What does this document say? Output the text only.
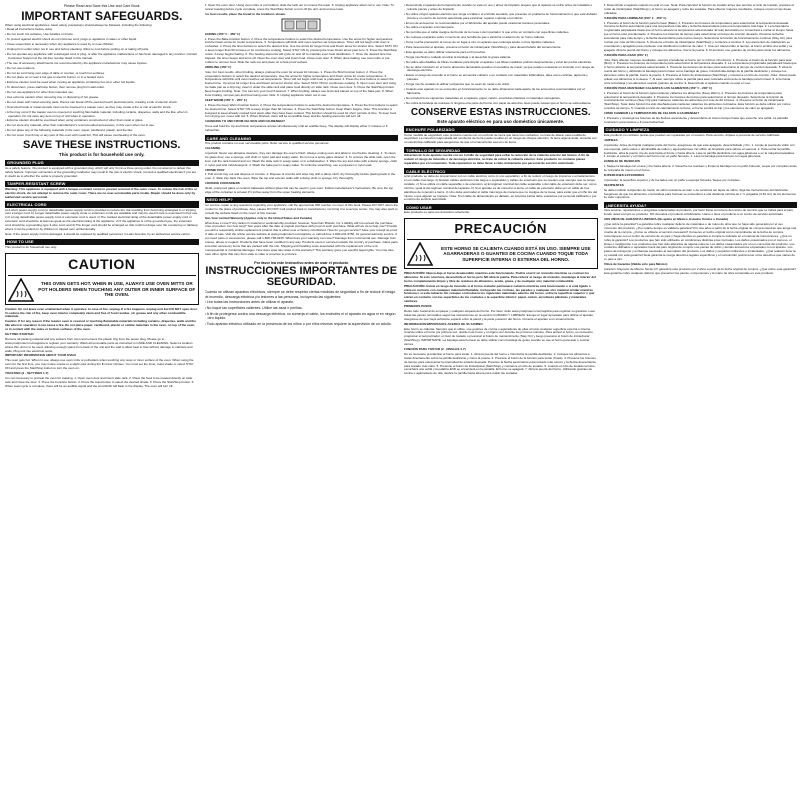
Please Read and Save this Use and Care Book

IMPORTANT SAFEGUARDS.

When using electrical appliances, basic safety precautions should always be followed, including the following:

• Read all instructions before using.

• Do not touch hot surfaces. Use handles or knobs.

• To protect against electric shock do not immerse cord, plugs or appliance in water or other liquid.

• Close supervision is necessary when any appliance is used by or near children.

• Unplug from outlet when not in use and before cleaning. Allow to cool before putting on or taking off parts.

• Do not operate any appliance with a damaged cord or plug, or after the appliance malfunctions or has been damaged in any manner. Contact Consumer Support at the toll-free number listed in this manual.

• The use of accessory attachments not recommended by the appliance manufacturer may cause injuries.

• Do not use outdoors.

• Do not let cord hang over edge of table or counter, or touch hot surfaces.

• Do not place on or near a hot gas or electric burner, or in a heated oven.

• Extreme caution must be used when moving an appliance containing hot oil or other hot liquids.

• To disconnect, press start/stop button, then remove plug from wall outlet.

• Do not use appliance for other than intended use.

• Use extreme caution when removing tray or disposing of hot grease.

• Do not clean with metal scouring pads. Pieces can break off the pad and touch electrical parts, creating a risk of electric shock.

• Oversized foods or metal utensils must not be inserted in a toaster oven, as they may create a fire or risk of electric shock.

• A fire may occur if the toaster oven is covered or touching flammable material, including curtains, draperies, walls and the like, when in operation. Do not store any item on top of unit when in operation.

• Extreme caution should be exercised when using containers constructed of other than metal or glass.

• Do not store any material, other than manufacturer's recommended accessories, in this oven when not in use.

• Do not place any of the following materials in the oven: paper, cardboard, plastic, and the like.

• Do not cover crumb tray or any part of this oven with metal foil. This will cause overheating of the oven.

SAVE THESE INSTRUCTIONS.

This product is for household use only.

GROUNDED PLUG

As a safety feature, this product is equipped with a grounded plug, which will only fit into a three-prong outlet. Do not attempt to defeat this safety feature. Improper connection of the grounding conductor may result in the risk of electric shock. Consult a qualified electrician if you are in doubt as to whether the outlet is properly grounded.

TAMPER-RESISTANT SCREW

Warning: This appliance is equipped with a tamper-resistant screw to prevent removal of the outer cover. To reduce the risk of fire or electric shock, do not attempt to remove the outer cover. There are no user-serviceable parts inside. Repair should be done only by authorized service personnel.

ELECTRICAL CORD

a) A short power-supply cord (or detachable power-supply cord) is provided to reduce the risk resulting from becoming entangled in or tripping over a longer cord. b) Longer detachable power-supply cords or extension cords are available and may be used if care is exercised in their use. c) If a long detachable power-supply cord or extension cord is used: 1) The marked electrical rating of the detachable power-supply cord or extension cord should be at least as great as the electrical rating of the appliance; 2) If the appliance is of the grounded type, the extension cord should be a grounding-type 3-wire cord; and 3) The longer cord should be arranged so that it will not drape over the countertop or tabletop where it can be pulled on by children or tripped over unintentionally.

Note: If the power supply cord is damaged, it should be replaced by qualified personnel; in Latin America, by an authorized service center.

HOW TO USE

This product is for household use only.

CAUTION
THIS OVEN GETS HOT. WHEN IN USE, ALWAYS USE OVEN MITTS OR POT HOLDERS WHEN TOUCHING ANY OUTER OR INNER SURFACE OF THE OVEN.

Caution: Do not leave oven unattended when it operates. In case of fire, unplug. If a fire happens, unplug unit but DO NOT open door. To reduce the risk of fire, keep oven interior completely clean and free of food residue, oil, grease and any other combustible materials.

Caution: If for any reason if the toaster oven is covered or touching flammable materials including curtains, draperies, walls and the like when in operation it can cause a fire. Do not place paper, cardboard, plastic or similar materials in the oven, on top of the oven, or in contact with the sides or bottom surfaces of the oven.

GETTING STARTED

Remove all packing material and any stickers from oven and remove the plastic ring from the power plug. Please go to www.prodprotect.com/applica to register your warranty. Wash all removable parts as instructed in CARE AND CLEANING. Select a location where this unit is to be used, allowing enough space from back of the unit and the wall to allow heat to flow without damage to cabinets and walls. Plug unit into electrical outlet.

IMPORTANT INFORMATION ABOUT YOUR OVEN

This oven gets hot. When in use, always use oven mitts or potholders when touching any outer or inner surface of the oven. When using the oven for the first time, you may notice smoke or a slight odor during the first few minutes. You must set the timer, toast shade or select STAY ON and press the Start/Stop button to turn the oven on.

TOASTING (2 - SETTINGS 1-7)

It is not necessary to preheat the oven for toasting. 1. Open oven door and insert slide rack. 2. Place the food to be toasted directly on slide rack and close the door. 3. Press the Function button. 4. Press the toast button to select the desired shade. 5. Press the Start/Stop button. 6. When toast cycle is complete, there will be an audible signal and the word END will flash in the display. The oven will turn off.

5. Open the oven door. Using oven mitts or pot holders, slide the rack out to remove the toast. 6. Unplug appliance when not in use. Note: To cancel toasting before cycle complete, press the Start/Stop button to turn off the unit, and remove toast.

For best results, place the bread in the locations shown.

BAKING (150° F - 450° F)

1. Press the Bake function button. 2. Press the temperature buttons to select the desired temperature. Use the arrow for higher temperature and the Down arrow for cooler temperature. 3. Temperature will blink until oven reaches set temperature. Timer will not begin until oven is preheated. 4. Press the time buttons to select the desired time. Use the arrow for longer time and Down arrow for shorter time. Select STAY ON to keep longer than 60 minutes or for continuous cooking. Select STAY ON by pressing the timer Down arrow past zero. 5. Press the Start/Stop button. A beep begins baking. 6. The heating elements will cycle on and off to maintain even heat distribution. 7. Once the desired time has elapsed, the timer beeps and turns off. Open the oven door and insert food. Close oven door. 8. When done baking, use oven mitts or pot holders to remove food. Slide the rack out and place on a heat proof surface.

BROILING (450° F)

Note: For best results, when broiling, always preheat the oven for at least 10 minutes. 1. Press the Broil function button. 2. Press the temperature buttons to select the desired temperature. Use the arrow for higher temperature and Down arrow for cooler temperature. 3. Temperature will blink until oven reaches set temperature. Timer will not begin until oven is preheated. 4. Press the time buttons to select the desired time. Up arrow for longer time and Down arrow for shorter time. Select STAY ON for continuous cooking. 5. Open oven door and using the bake pan as a drip tray, insert it under the slide rack and place food directly on slide rack. Close oven door. 6. Press the Start/Stop button. Beep begins broiling. Note: You can turn your food if desired. 7. When broiling, always use broil rack placed on top of the bake pan. 8. When done broiling, remove pan and food using oven mitts. 9. Unplug appliance when not in use.

KEEP WARM (150° F - 200° F)

1. Press the Keep Warm function button. 2. Press the temperature buttons to select the desired temperature. 3. Press the time buttons to select the desired time. Select STAY ON to keep longer than 60 minutes. 4. Press the Start/Stop button. Keep Warm begins. Note: This function is designed to keep already cooked food warm after they have been cooked. This function should be used for short periods of time. To keep food from drying out, cover with foil. 5. When finished, there will be an audible beep and the heating elements will turn off.

CHANGING TO AND FROM CELSIUS AND FAHRENHEIT

Press and hold the Up and Down temperature arrows simultaneously until an audible beep. The display will display either C Celsius or F Fahrenheit.

CARE AND CLEANING

This product contains no user serviceable parts. Refer service to qualified service personnel.

CLEANING

Important: Never use abrasive cleaners, they can damage the oven's finish. Always unplug oven and allow to cool before cleaning. 1. To clean the glass door, use a sponge, soft cloth or nylon pad and soapy water. Do not use a spray glass cleaner. 2. To remove the slide rack, open the door, pull the rack forward and out. Wash the slide rack in soapy water or in a dishwasher. 3. Wipe the top and sides with a damp sponge, cloth or nylon pad and mild detergent. 4. Wash the bake pan in soapy water. To minimize scratching, use a polyester or nylon pad.

CRUMB TRAY

1. Pull crumb tray out and dispose of crumbs. 2. Dispose of crumbs and wipe tray with a damp cloth; dry thoroughly before placing back in the oven. 3. Slide tray back into oven. Wipe the top and exterior walls with a damp cloth or sponge. Dry thoroughly.

COOKING CONTAINERS

Metal, ovenproof glass or ceramic bakeware without glass lids can be used in your oven. Follow manufacturer's instructions. Be sure the top edge of the container is at least 1½ inches away from the upper heating elements.

NEED HELP?

For service, repair or any questions regarding your appliance, call the appropriate 800 number on cover of this book. Please DO NOT return the product to the place of purchase. Also, please DO NOT mail product back to manufacturer, nor bring it to a service center. You may also want to consult the website listed on the cover of this manual.

Two-Year Limited Warranty (Applies only in the United States and Canada)

What does it cover? Any defect in material or workmanship provided; however, Spectrum Brands, Inc.'s liability will not exceed the purchase price of product. For how long? Two years after the date of original purchase with proof of such purchase. What will we do to help you? Provide you with a reasonably similar replacement product that is either new or factory refurbished. How do you get service? Save your receipt as proof of date of sale. Visit the online service website at www.prodprotect.com/applica, or call toll-free 1-800-231-9786, for general warranty service. If you need parts or accessories, please call 1-800-738-0245. What does your warranty not cover? Damage from commercial use. Damage from misuse, abuse or neglect. Products that have been modified in any way. Products used or serviced outside the country of purchase. Glass parts and other accessory items that are packed with the unit. Shipping and handling costs associated with the replacement of the unit. Consequential or incidental damages. How does state law relate to this warranty? This warranty gives you specific legal rights. You may also have other rights that vary from state to state or province to province.

Por favor lea este instructivo antes de usar el producto

INSTRUCCIONES IMPORTANTES DE SEGURIDAD.

Cuando se utilizan aparatos eléctricos, siempre se debe respetar ciertas medidas de seguridad a fin de reducir el riesgo de incendio, descarga eléctrica y/o lesiones a las personas, incluyendo las siguientes:

• Lea todas las instrucciones antes de utilizar el aparato.

• No toque las superficies calientes. Utilice las asas o perillas.

• A fin de protegerse contra una descarga eléctrica, no sumerja el cable, los enchufes ni el aparato en agua ni en ningún otro líquido.

• Todo aparato eléctrico utilizado en la presencia de los niños o por ellos mismos requiere la supervisión de un adulto.

• Desenchufe el aparato del tomacorriente cuando no esté en uso y antes de limpiarlo. Espere que el aparato se enfríe antes de instalarle o retirarle piezas y antes de limpiarlo.

• No utilice ningún aparato eléctrico que tenga el cable o el enchufe averiado, que presente un problema de funcionamiento o que esté dañado. Acuda a un centro de servicio autorizado para examinar, reparar o ajustar el producto.

• El uso de accesorios no recomendados por el fabricante del aparato puede ocasionar lesiones personales.

• No utilice el aparato a la intemperie.

• No permita que el cable cuelgue del borde de la mesa o del mostrador ni que entre en contacto con superficies calientes.

• No coloque el aparato sobre ni cerca de una hornilla de gas o eléctrica ni adentro de un horno caliente.

• Tome mucha precaución al mover de un lugar a otro un aparato que contenga aceite u otros líquidos calientes.

• Para desconectar el aparato, presione el botón de iniciar/parar (Start/Stop) y para desenchufarlo del tomacorriente.

• Este aparato se debe utilizar solamente para el fin previsto.

• Tenga muchísimo cuidado al retirar la bandeja o al desechar la grasa caliente.

• No utilice almohadillas de fibras metálicas para limpiar el aparato. Las fibras metálicas podrían desprenderse y tocar las piezas eléctricas.

• No se debe introducir en el horno alimentos demasiado grandes ni utensilios de metal, ya que pueden ocasionar un incendio o un riesgo de descarga eléctrica.

• Existe el riesgo de incendio si el horno se encuentra cubierto o en contacto con materiales inflamables, tales como cortinas, tapicería y paredes.

• Tenga mucho cuidado al utilizar recipientes que no sean de metal o de vidrio.

• Cuando este aparato no se encuentre en funcionamiento no se debe almacenar nada aparte de los accesorios recomendados por el fabricante.

• No introduzca los siguientes materiales en el aparato: papel, cartón, envolturas plásticas ni materiales semejantes.

• No cubra la bandeja de residuos ni ninguna otra parte del horno con papel de aluminio. Esto puede causar que el horno se sobrecaliente.

CONSERVE ESTAS INSTRUCCIONES.

Este aparato eléctrico es para uso doméstico únicamente.

ENCHUFE POLARIZADO

Como medida de seguridad, este producto cuenta con un enchufe de tierra que tiene tres contactos, no trate de alterar esta medida de seguridad. La conexión inapropiada del conductor de tierra puede resultar en un riesgo de choque eléctrico. Si tiene alguna duda, consulte con un electricista calificado para asegurarse de que el tomacorriente sea uno de tierra.

TORNILLO DE SEGURIDAD

Advertencia: Este aparato cuenta con un tornillo de seguridad para evitar la remoción de la cubierta exterior del mismo. A fin de reducir el riesgo de incendio o de descarga eléctrica, no trate de retirar la cubierta exterior. Este producto no contiene piezas reparables por el consumidor. Toda reparación se debe llevar a cabo únicamente por personal de servicio autorizado.

CABLE ELÉCTRICO

a) El producto se debe de proporcionar con un cable eléctrico corto (o uno separable), a fin de reducir el riesgo de tropiezos o enredamientos en un cable más largo. b) Existen cables eléctricos más largos o separables y cables de extensión que se pueden usar siempre que se tenga cuidado. c) Si se utiliza un cable separable o de extensión, a) El régimen nominal del cable separable o del cable de extensión debe ser, como mínimo, igual al del régimen nominal del aparato. b) Si el aparato es de conexión a tierra, el cable de extensión debe ser un cable de tres alambres de conexión a tierra. c) Uno debe acomodar el cable más largo de manera que no cuelgue de la mesa, para evitar que el niño tire del mismo o que alguien se tropiece. Nota: Si el cable de alimentación es dañado, en América Latina debe sustituirse por personal calificado o por el centro de servicio autorizado.

COMO USAR

Este producto es para uso doméstico solamente.

PRECAUCIÓN
ESTE HORNO SE CALIENTA CUANDO ESTÁ EN USO. SIEMPRE USE AGARRADERAS O GUANTES DE COCINA CUANDO TOQUE TODA SUPERFICIE INTERNA O EXTERNA DEL HORNO.

PRECAUCIÓN: Nunca deje el horno desatendido mientras esté funcionando. Podría ocurrir un incendio mientras se cocinan los alimentos. Si esto ocurriera, desenchufe el horno pero NO abra la puerta. Para reducir el riesgo de incendio, mantenga el interior del horno completamente limpio y libre de residuos de alimentos, aceite, grasa, y de cualquier otro material combustible.

PRECAUCIÓN: Existe el riesgo de incendio si el horno tostador permanece cubierto mientras está funcionando o si está ligado o entra en contacto con cualquier material inflamable, incluyendo las cortinas, las paredes y cualquier otro material similar mientras funciona o si está cubierto. No coloque o introduzca los siguientes materiales adentro del horno, sobre la superficie superior o que entren en contacto con las superficies de los costados o la superficie inferior: papel, cartón, envolturas plásticas y materiales similares.

PRIMEROS PASOS

Retire todo material de empaque y cualquier etiqueta del horno. Por favor visite www.prodprotect.com/applica para registrar su garantía. Lave todas las piezas removibles según las instrucciones en la sección CUIDADO Y LIMPIEZA. Escoja un lugar apropiado para utilizar el aparato. Asegúrese de que haya suficiente espacio entre la pared y la parte posterior del horno. Conecte el aparato a un tomacorriente.

INFORMACIÓN IMPORTANTE ACERCA DE SU HORNO

Este horno se calienta. Siempre que lo utilice, use guantes de cocina o agarraderas de ollas al tocar cualquier superficie externa o interna. Cuando utilice el horno por primera vez, quizás note humo y un ligero olor durante los primeros minutos. Para activar el horno, es necesario programar el temporizador, el nivel de tostado o presionar el botón de mantenimiento (Stay On) y luego presionar el botón de iniciar/parar (Start/Stop). IMPORTANTE: La bandeja para hornear se debe utilizar como bandeja de goteo cuando se use el horno para asar o cocinar carnes.

FUNCIÓN PARA TOSTAR (2 - NIVELES 1-7)

No es necesario precalentar el horno para tostar. 1. Abra la puerta del horno e introduzca la parrilla deslizante. 2. Coloque los alimentos a tostar directamente sobre la parrilla deslizante y cierre la puerta. 3. Presione el botón de la función para tostar (Toast). 4. Presione los botones de tiempo para seleccionar la intensidad de tostado deseada. Presione la flecha ascendente para tostado más oscuro y la flecha descendente para tostado más claro. 5. Presione el botón de iniciar/parar (Start/Stop) y comience el ciclo de tostado. 6. Cuando el ciclo de tostado termine, escuchará una señal y la palabra END se encenderá en la pantalla. El horno se apagará. 7. Abra la puerta del horno. Utilizando guantes de cocina o agarraderas de olla, deslice la parrilla hacia afuera para retirar las tostadas.

8. Desenchufe el aparato cuando no esté en uso. Nota: Para cancelar la función de tostado antes que termine el ciclo de tostado, presione el botón de iniciar/parar (Start/Stop) y el horno se apagará y retire las tostadas. Para obtener mejores resultados, coloque el pan en las áreas indicadas.

FUNCIÓN PARA HORNEAR (150° F - 450° F)

1. Presione el botón de la función para hornear (Bake). 2. Presione los botones de temperatura para seleccionar la temperatura deseada. Presione la flecha ascendente para una temperatura más alta y la flecha descendente para una temperatura más baja. 3. La temperatura programada parpadeará hasta que el horno alcance la temperatura seleccionada. El reloj automático no comenzará a contar el tiempo hasta que el horno esté precalentado. 4. Presione los botones de tiempo para seleccionar el tiempo de cocción deseado. Presione la flecha ascendente para más tiempo y la flecha descendente para menos tiempo. Seleccione la función de funcionamiento continuo (Stay On) para cocinar por más de 60 minutos. 5. Presione el botón de iniciar/parar (Start/Stop) y comience a cocinar. 6. Los elementos de calefacción se encenderán y apagarán para mantener una distribución uniforme de calor. 7. Una vez transcurrido el tiempo, el horno emitirá una señal y se apagará. Abra la puerta del horno y coloque los alimentos. Cierre la puerta. 8. Al terminar, use guantes de cocina para retirar los alimentos.

FUNCIÓN PARA ASAR (450° F)

Nota: Para obtener mejores resultados, siempre precaliente el horno por lo mínimo 10 minutos. 1. Presione el botón de la función para asar (Broil). 2. Presione los botones de temperatura para seleccionar la temperatura deseada. 3. La temperatura programada parpadeará hasta que el horno alcance la temperatura seleccionada. 4. Presione los botones de tiempo para seleccionar el tiempo de cocción deseado. 5. Abra la puerta del horno y utilizando la bandeja para hornear como bandeja de goteo, introdúzcala debajo de la parrilla deslizante y coloque los alimentos sobre la parrilla. Cierre la puerta. 6. Presione el botón de iniciar/parar (Start/Stop) y comience el ciclo de cocción. Nota: Usted puede voltear sus alimentos si lo desea. 7. Al asar, siempre utilice la parrilla para asar colocada encima de la bandeja para hornear. 8. Al terminar, retire la bandeja y los alimentos usando guantes de cocina. 9. Desenchufe el aparato cuando no esté en uso.

FUNCIÓN PARA MANTENER CALIENTES LOS ALIMENTOS (150° F - 200° F)

1. Presione el botón de la función para mantener calientes los alimentos (Keep Warm). 2. Presione los botones de temperatura para seleccionar la temperatura deseada. 3. Presione los botones de tiempo para seleccionar el tiempo deseado. Seleccione la función de funcionamiento continuo (Stay On) para mantener calientes los alimentos por más de 60 minutos. 4. Presione el botón de iniciar/parar (Start/Stop). Nota: Esta función ha sido diseñada para mantener calientes los alimentos cocinados. Esta función se debe utilizar por cortos periodos de tiempo. 5. Cuando el ciclo de calentamiento termine, el horno emitirá un bip y los elementos de calor se apagarán.

COMO CAMBIAR LA TEMPERATURA DE CELSIUS A FAHRENHEIT

1. Presione y sostenga los botones de las flechas ascendente y descendente al mismo tiempo hasta que escuche una señal. La pantalla mostrará C para Celsius o F para Fahrenheit.

CUIDADO Y LIMPIEZA

Este producto no contiene piezas que puedan ser reparadas por el usuario. Para servicio, diríjase a personal de servicio calificado.

LIMPIEZA

Importante: Antes de limpiar cualquier parte del horno, asegúrese de que esté apagado, desenchufado y frío. 1. Limpie la puerta de vidrio con una esponja, paño suave o almohadilla de nailon y agua jabonosa. No utilice un limpiador para vidrios en aerosol. 2. Para retirar la parrilla deslizante, abra la puerta, tire de ésta hacia el frente y hacia afuera. Lave la parrilla deslizante con agua jabonosa o en la máquina lavaplatos. 3. Limpie el exterior y el interior del horno con un paño húmedo. 4. Lave la bandeja para hornear con agua jabonosa.

BANDEJA DE RESIDUOS

1. Saque la bandeja con el asa y tire hacia afuera. 2. Deseche los residuos y limpie la bandeja con un paño húmedo; seque por completo antes de colocarla de nuevo en el horno.

SUPERFICIES EXTERIORES

Importante: la superficie superior y de los lados son un paño o esponja húmeda. Seque por completo.

RECIPIENTES

Se deben utilizar recipientes de metal, de vidrio resistente al calor o de cerámica sin tapas de vidrio. Siga las instrucciones del fabricante. Asegúrese de que los alimentos o la bandeja para hornear se encuentren a una distancia mínima de 1 ½ pulgadas (3.81 cm) de los elementos de calor superiores.

¿NECESITA AYUDA?

Para servicio, reparaciones o preguntas relacionadas al producto, por favor llame al número del centro de servicio que se indica para el país donde usted compró su producto. NO devuelva el producto al fabricante. Llame o lleve el producto a un centro de servicio autorizado.

DOS AÑOS DE GARANTÍA LIMITADA (No aplica en México, Estados Unidos o Canadá)

¿Qué cubre la garantía? La garantía cubre cualquier defecto de materiales o de mano de obra que no haya sido generado por el uso incorrecto del producto. ¿Por cuánto tiempo es válida la garantía? Por dos años a partir de la fecha original de compra mientras que tenga una prueba de la compra. ¿Cómo se obtiene el servicio necesario? Conserve el recibo original como comprobante de la fecha de compra, comuníquese con el centro de servicio de su país y haga efectiva su garantía si cumple lo indicado en el manual de instrucciones. ¿Qué no cubre la garantía? Los productos que han sido utilizados en condiciones distintas a las normales. Los daños ocasionados por el mal uso, el abuso o negligencia. Los productos que han sido alterados de alguna manera. Los daños ocasionados por el uso comercial del producto. Los productos utilizados o reparados fuera del país original de compra. Las piezas de vidrio y demás accesorios empacados con el aparato. Los gastos de transporte y embarque asociados al reemplazo del producto. Los daños y perjuicios indirectos o incidentales. ¿Qué relación tiene la ley estatal con esta garantía? Esta garantía le otorga derechos legales específicos y el consumidor podría tener otros derechos que varían de un país a otro.

Póliza de Garantía (Válida sólo para México)

Duración: Rayovac de México SA de CV garantiza este producto por 2 años a partir de la fecha original de compra. ¿Qué cubre esta garantía? Esta garantía cubre cualquier defecto que presenten las piezas, componentes y la mano de obra contenidas en este producto.
